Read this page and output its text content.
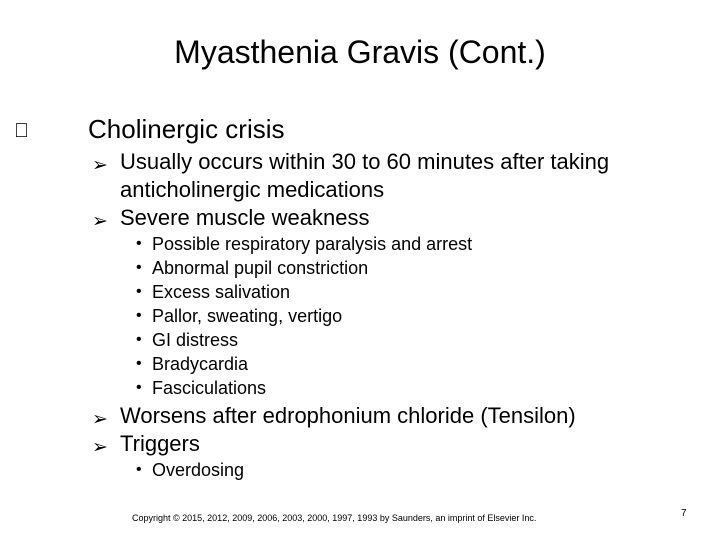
Myasthenia Gravis (Cont.)
Cholinergic crisis
➢ Usually occurs within 30 to 60 minutes after taking
anticholinergic medications
➢ Severe muscle weakness
• Possible respiratory paralysis and arrest
• Abnormal pupil constriction
• Excess salivation
• Pallor, sweating, vertigo
• GI distress
• Bradycardia
• Fasciculations
➢ Worsens after edrophonium chloride (Tensilon)
➢ Triggers
• Overdosing
Copyright © 2015, 2012, 2009, 2006, 2003, 2000, 1997, 1993 by Saunders, an imprint of Elsevier Inc.	7
